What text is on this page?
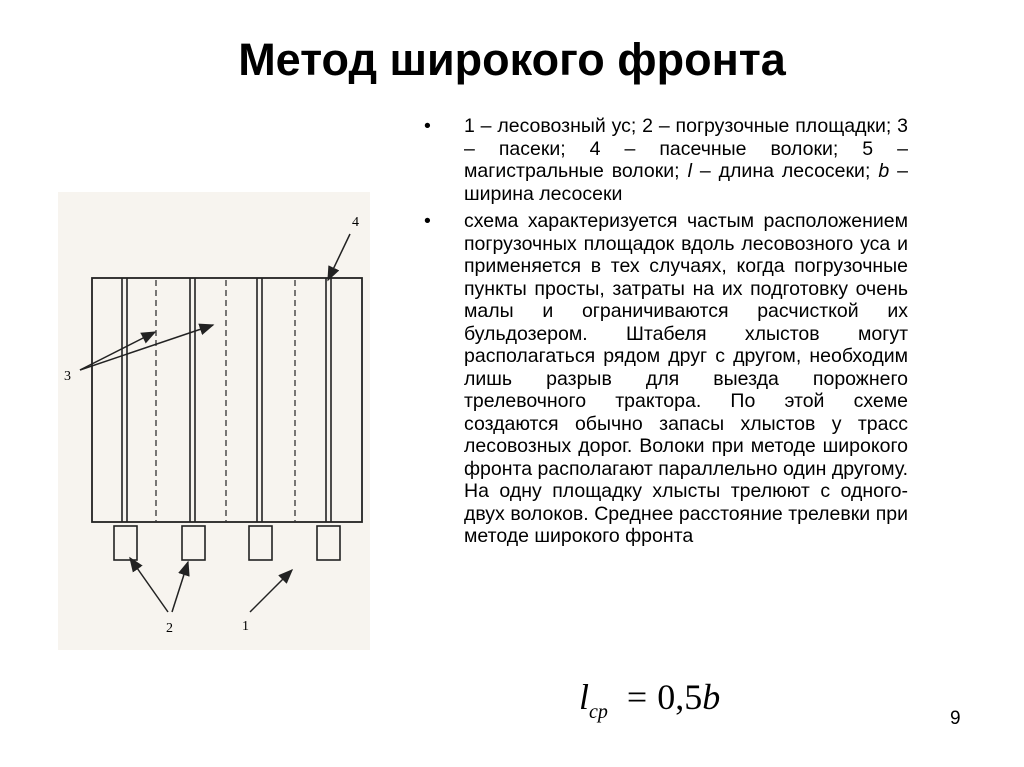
Метод широкого фронта
4
3
2	1
• 1 – лесовозный ус; 2 – погрузочные площадки; 3 – пасеки; 4 – пасечные волоки; 5 – магистральные волоки; l – длина лесосеки; b – ширина лесосеки
• схема характеризуется частым расположением погрузочных площадок вдоль лесовозного уса и применяется в тех случаях, когда погрузочные пункты просты, затраты на их подготовку очень малы и ограничиваются расчисткой их бульдозером. Штабеля хлыстов могут располагаться рядом друг с другом, необходим лишь разрыв для выезда порожнего трелевочного трактора. По этой схеме создаются обычно запасы хлыстов у трасс лесовозных дорог. Волоки при методе широкого фронта располагают параллельно один другому. На одну площадку хлысты трелюют с одного-двух волоков. Среднее расстояние трелевки при методе широкого фронта
$l_{ср} = 0,5b$
9
